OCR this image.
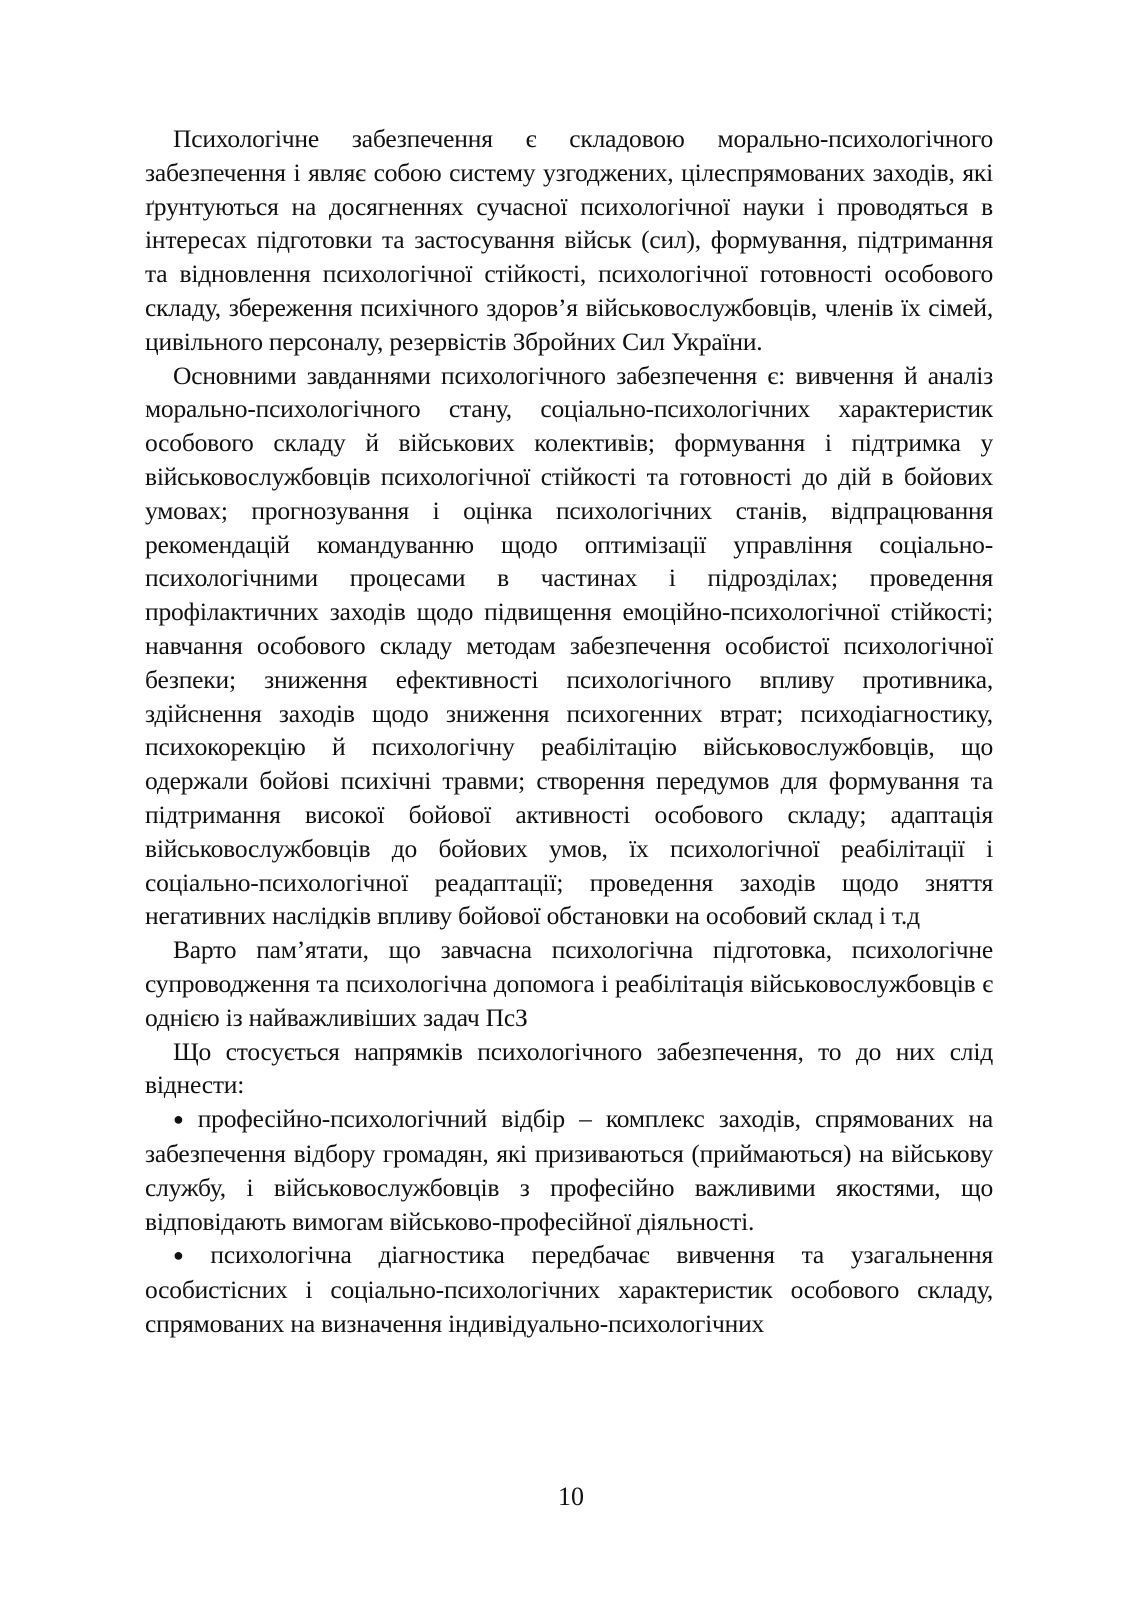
Психологічне забезпечення є складовою морально-психологічного забезпечення і являє собою систему узгоджених, цілеспрямованих заходів, які ґрунтуються на досягненнях сучасної психологічної науки і проводяться в інтересах підготовки та застосування військ (сил), формування, підтримання та відновлення психологічної стійкості, психологічної готовності особового складу, збереження психічного здоров’я військовослужбовців, членів їх сімей, цивільного персоналу, резервістів Збройних Сил України.

Основними завданнями психологічного забезпечення є: вивчення й аналіз морально-психологічного стану, соціально-психологічних характеристик особового складу й військових колективів; формування і підтримка у військовослужбовців психологічної стійкості та готовності до дій в бойових умовах; прогнозування і оцінка психологічних станів, відпрацювання рекомендацій командуванню щодо оптимізації управління соціально-психологічними процесами в частинах і підрозділах; проведення профілактичних заходів щодо підвищення емоційно-психологічної стійкості; навчання особового складу методам забезпечення особистої психологічної безпеки; зниження ефективності психологічного впливу противника, здійснення заходів щодо зниження психогенних втрат; психодіагностику, психокорекцію й психологічну реабілітацію військовослужбовців, що одержали бойові психічні травми; створення передумов для формування та підтримання високої бойової активності особового складу; адаптація військовослужбовців до бойових умов, їх психологічної реабілітації і соціально-психологічної реадаптації; проведення заходів щодо зняття негативних наслідків впливу бойової обстановки на особовий склад і т.д

Варто пам’ятати, що завчасна психологічна підготовка, психологічне супроводження та психологічна допомога і реабілітація військовослужбовців є однією із найважливіших задач ПсЗ

Що стосується напрямків психологічного забезпечення, то до них слід віднести:

● професійно-психологічний відбір – комплекс заходів, спрямованих на забезпечення відбору громадян, які призиваються (приймаються) на військову службу, і військовослужбовців з професійно важливими якостями, що відповідають вимогам військово-професійної діяльності.

● психологічна діагностика передбачає вивчення та узагальнення особистісних і соціально-психологічних характеристик особового складу, спрямованих на визначення індивідуально-психологічних

10
